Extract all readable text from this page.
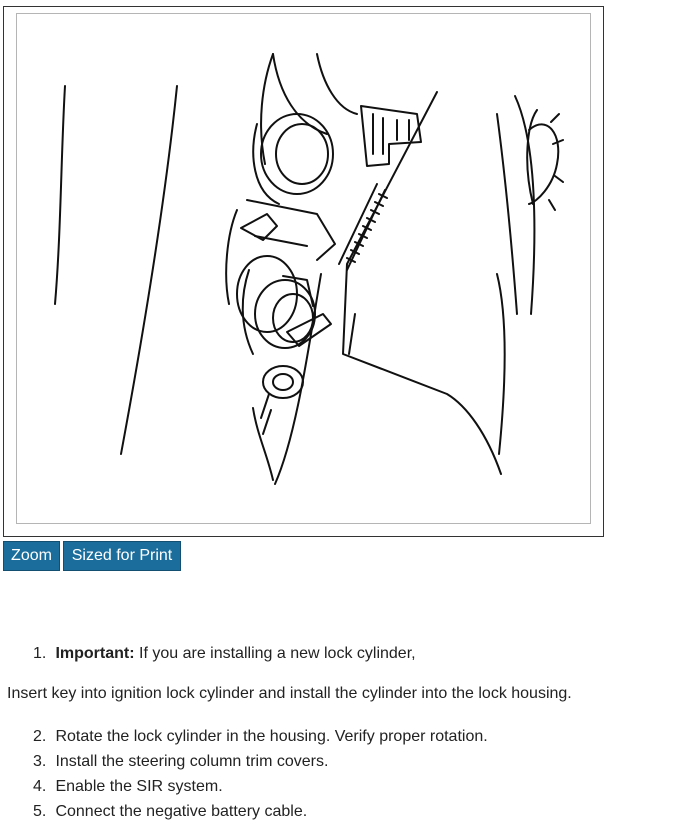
Zoom	Sized for Print
1. Important: If you are installing a new lock cylinder,
Insert key into ignition lock cylinder and install the cylinder into the lock housing.
2. Rotate the lock cylinder in the housing. Verify proper rotation.
3. Install the steering column trim covers.
4. Enable the SIR system.
5. Connect the negative battery cable.
